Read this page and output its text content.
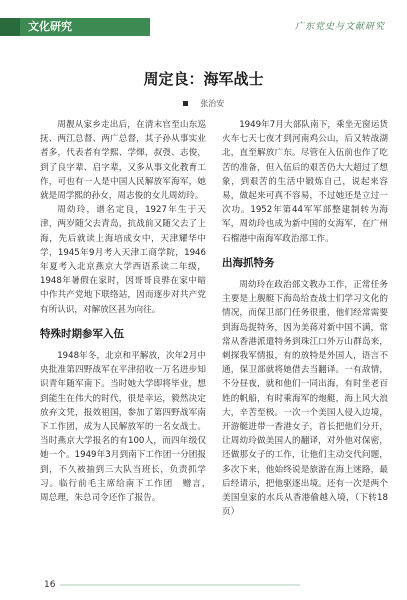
文化研究	广东党史与文献研究
周定良：海军战士
张治安

周靓从家乡走出后，在清末官至山东巡抚、两江总督、两广总督，其子孙从事实业者多，代表者有学熙、学煇，叔弢、志俊，到了良字辈、启字辈，又多从事文化教育工作，可也有一人是中国人民解放军海军，她就是周学熙的孙女，周志俊的女儿周幼玲。

周幼玲，谱名定良，1927年生于天津，两岁随父去青岛，抗战前又随父去了上海，先后就读上海培成女中，天津耀华中学，1945年9月考入天津工商学院，1946年夏考入北京燕京大学西语系读二年级，1948年暑假在家时，因哥哥良骅在家中暗中作共产党地下联络站，因而逐步对共产党有所认识，对解放区甚为向往。

特殊时期参军入伍

1948年冬，北京和平解放，次年2月中央批准第四野战军在平津招收一万名进步知识青年随军南下。当时她大学即将毕业，想到能生在伟大的时代，很是幸运，毅然决定放弃文凭，报效祖国，参加了第四野战军南下工作团，成为人民解放军的一名女战士。当时燕京大学报名的有100人，而四年级仅她一个。1949年3月到南下工作团一分团报到，不久被抽到三大队当班长，负责抓学习。临行前毛主席给南下工作团　赠言，　周总理，朱总司令还作了报告。

1949年7月大部队南下，乘坐无窗运货火车七天七夜才到河南鸡公山，后又转战湖北，直至解放广东。尽管在入伍前也作了吃苦的准备，但入伍后的艰苦仍大大超过了想象，到艰苦的生活中锻炼自己，说起来容易，做起来可真不容易，不过她还是立过一次功。1952年第44军军部整建制转为海军，周幼玲也成为新中国的女海军，在广州石榴港中南海军政治部工作。

出海抓特务

周幼玲在政治部文教办工作，正常任务主要是上舰艇下海岛给查战士们学习文化的情况，而保卫部门任务很重，他们经常需要到海岛捉特务，因为美蒋对新中国不满，常常从香港派遣特务到珠江口外万山群岛来，刺探我军情报，有的放特是外国人，语言不通，保卫部就将她借去当翻译。一有敌情，不分昼夜，就和他们一同出海，有时坐老百姓的帆船，有时乘海军的炮艇，海上风大浪大，辛苦至极。一次一个美国人侵入边境，开游艇进带一香港女子，首长把他们分开，让周幼玲做美国人的翻译，对外他对保密，还做那女子的工作，让他们主动交代问题，多次下来，他始终说是旅游在海上迷路，最后经请示，把他驱逐出境。还有一次是两个美国皇家的水兵从香港偷越入境，（下转18页）

16
